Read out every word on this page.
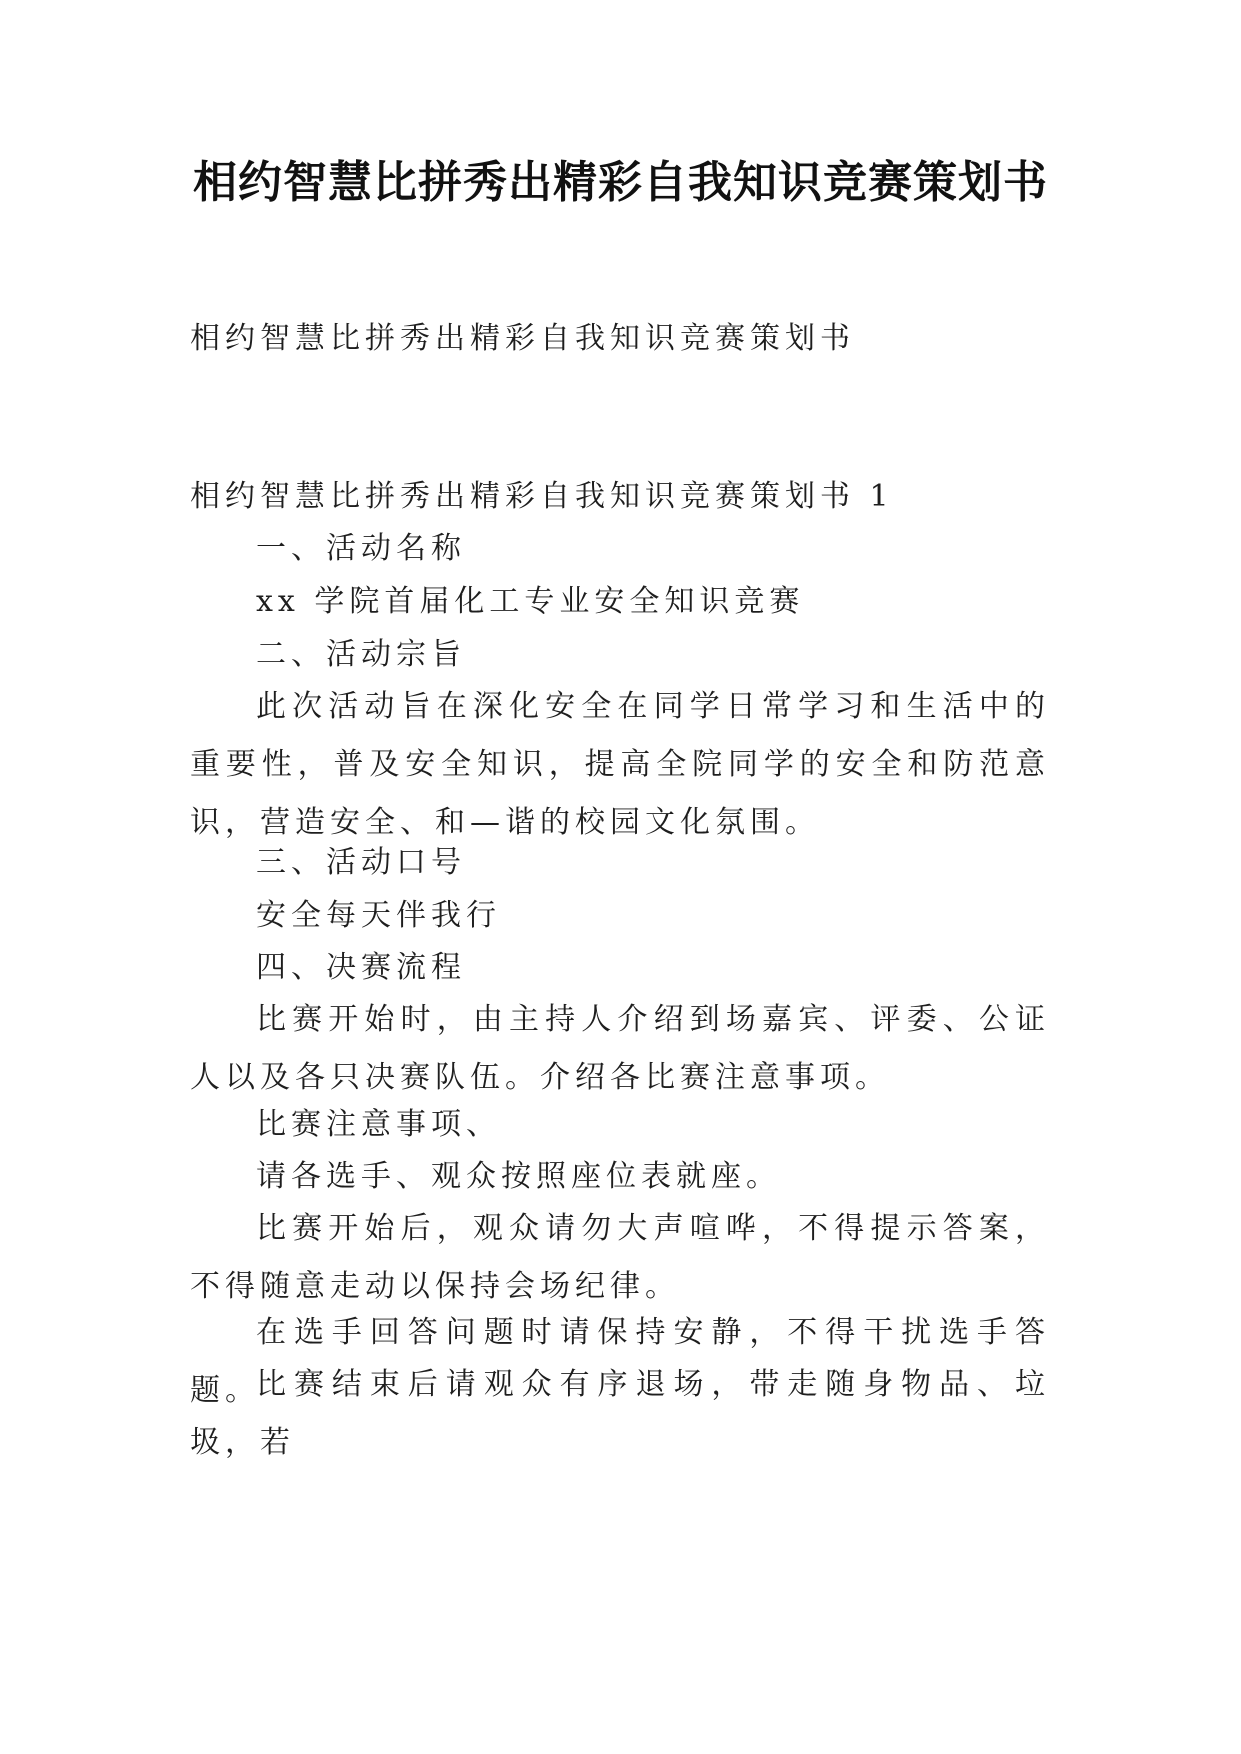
相约智慧比拼秀出精彩自我知识竞赛策划书
相约智慧比拼秀出精彩自我知识竞赛策划书
相约智慧比拼秀出精彩自我知识竞赛策划书 1
一、活动名称
xx 学院首届化工专业安全知识竞赛
二、活动宗旨
此次活动旨在深化安全在同学日常学习和生活中的重要性，普及安全知识，提高全院同学的安全和防范意识，营造安全、和—谐的校园文化氛围。
三、活动口号
安全每天伴我行
四、决赛流程
比赛开始时，由主持人介绍到场嘉宾、评委、公证人以及各只决赛队伍。介绍各比赛注意事项。
比赛注意事项、
请各选手、观众按照座位表就座。
比赛开始后，观众请勿大声喧哗，不得提示答案，不得随意走动以保持会场纪律。
在选手回答问题时请保持安静，不得干扰选手答题。
比赛结束后请观众有序退场，带走随身物品、垃圾，若
